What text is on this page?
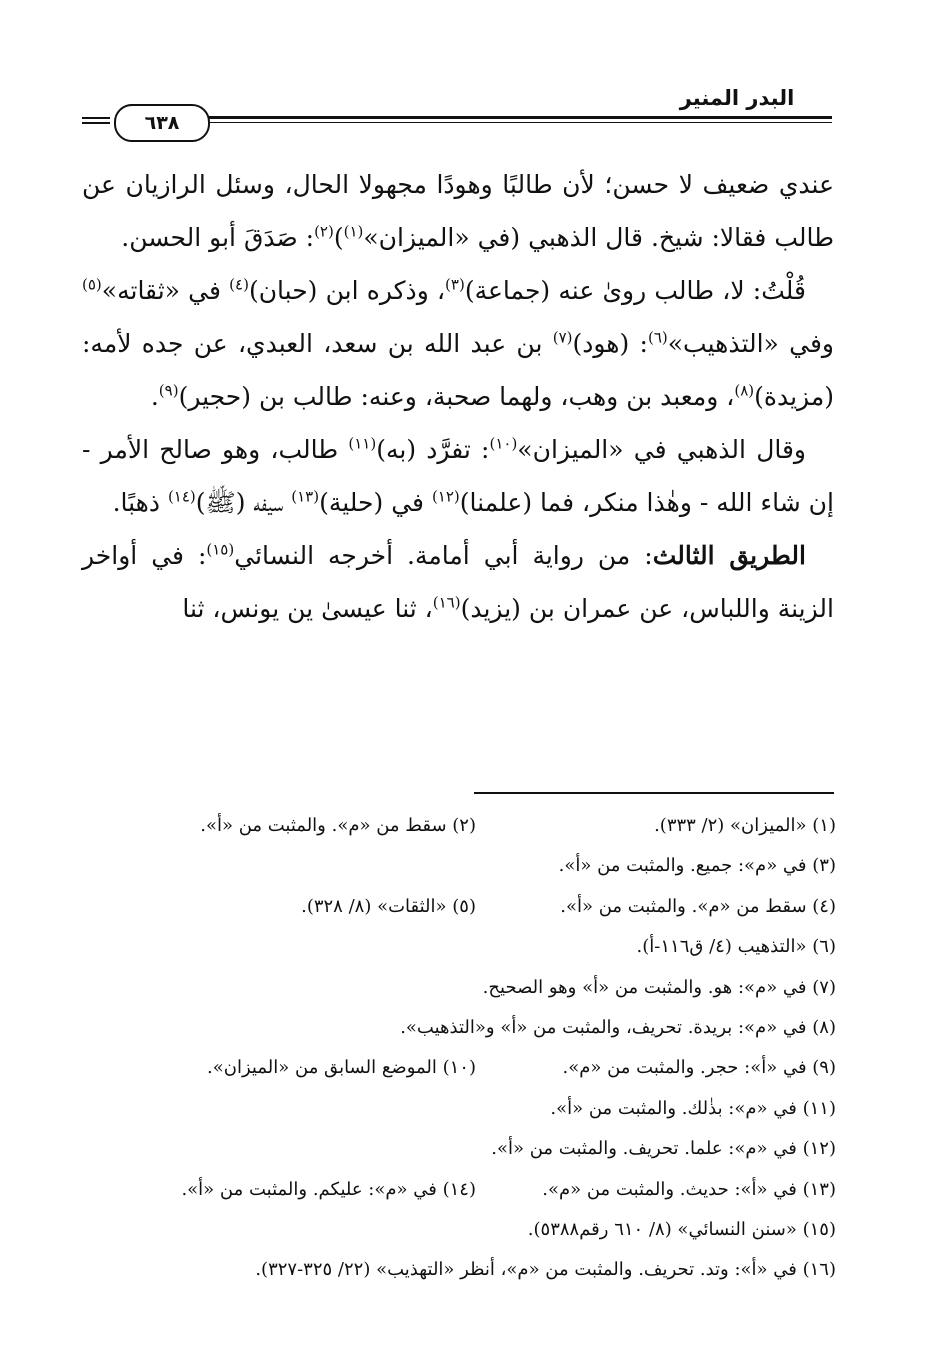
البدر المنير
٦٣٨

عندي ضعيف لا حسن؛ لأن طالبًا وهودًا مجهولا الحال، وسئل الرازيان عن طالب فقالا: شيخ. قال الذهبي (في «الميزان»$^{(١)}$)$^{(٢)}$: صَدَقَ أبو الحسن.

قُلْتُ: لا، طالب روىٰ عنه (جماعة)$^{(٣)}$، وذكره ابن (حبان)$^{(٤)}$ في «ثقاته»$^{(٥)}$ وفي «التذهيب»$^{(٦)}$: (هود)$^{(٧)}$ بن عبد الله بن سعد، العبدي، عن جده لأمه: (مزيدة)$^{(٨)}$، ومعبد بن وهب، ولهما صحبة، وعنه: طالب بن (حجير)$^{(٩)}$.

وقال الذهبي في «الميزان»$^{(١٠)}$: تفرَّد (به)$^{(١١)}$ طالب، وهو صالح الأمر - إن شاء الله - وهٰذا منكر، فما (علمنا)$^{(١٢)}$ في (حلية)$^{(١٣)}$ سيفه (ﷺ)$^{(١٤)}$ ذهبًا.

الطريق الثالث: من رواية أبي أمامة. أخرجه النسائي$^{(١٥)}$: في أواخر الزينة واللباس، عن عمران بن (يزيد)$^{(١٦)}$، ثنا عيسىٰ ين يونس، ثنا

(١) «الميزان» (٢/ ٣٣٣).
(٢) سقط من «م». والمثبت من «أ».
(٣) في «م»: جميع. والمثبت من «أ».
(٤) سقط من «م». والمثبت من «أ».
(٥) «الثقات» (٨/ ٣٢٨).
(٦) «التذهيب (٤/ ق١١٦-أ).
(٧) في «م»: هو. والمثبت من «أ» وهو الصحيح.
(٨) في «م»: بريدة. تحريف، والمثبت من «أ» و«التذهيب».
(٩) في «أ»: حجر. والمثبت من «م».
(١٠) الموضع السابق من «الميزان».
(١١) في «م»: بذٰلك. والمثبت من «أ».
(١٢) في «م»: علما. تحريف. والمثبت من «أ».
(١٣) في «أ»: حديث. والمثبت من «م».
(١٤) في «م»: عليكم. والمثبت من «أ».
(١٥) «سنن النسائي» (٨/ ٦١٠ رقم٥٣٨٨).
(١٦) في «أ»: وتد. تحريف. والمثبت من «م»، أنظر «التهذيب» (٢٢/ ٣٢٥-٣٢٧).
